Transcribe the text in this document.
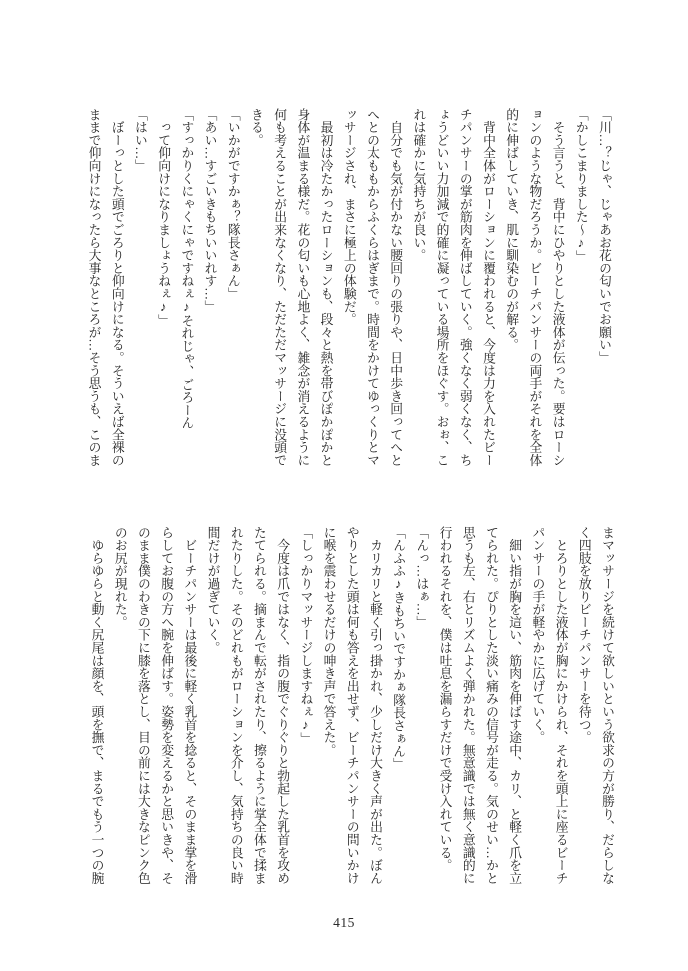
「川…？じゃ、じゃあお花の匂いでお願い」
「かしこまりました～♪」
　そう言うと、背中にひやりとした液体が伝った。要はローシ
ョンのような物だろうか。ビーチパンサーの両手がそれを全体
的に伸ばしていき、肌に馴染むのが解る。
　背中全体がローションに覆われると、今度は力を入れたビー
チパンサーの掌が筋肉を伸ばしていく。強くなく弱くなく、ち
ょうどいい力加減で的確に凝っている場所をほぐす。おぉ、こ
れは確かに気持ちが良い。
　自分でも気が付かない腰回りの張りや、日中歩き回ってへと
へとの太ももからふくらはぎまで。時間をかけてゆっくりとマ
ッサージされ、まさに極上の体験だ。
　最初は冷たかったローションも、段々と熱を帯びぽかぽかと
身体が温まる様だ。花の匂いも心地よく、雑念が消えるように
何も考えることが出来なくなり、ただただマッサージに没頭で
きる。
「いかがですかぁ？隊長さぁん」
「あい…すごいきもちいいれす…」
「すっかりくにゃくにゃですねぇ♪それじゃ、ごろーん
　って仰向けになりましょうねぇ♪」
「はい…」
　ぼーっとした頭でごろりと仰向けになる。そういえば全裸の
ままで仰向けになったら大事なところが…そう思うも、このま
まマッサージを続けて欲しいという欲求の方が勝り、だらしな
く四肢を放りビーチパンサーを待つ。
　とろりとした液体が胸にかけられ、それを頭上に座るビーチ
パンサーの手が軽やかに広げていく。
　細い指が胸を這い、筋肉を伸ばす途中、カリ、と軽く爪を立
てられた。ぴりとした淡い痛みの信号が走る。気のせい…かと
思うも左、右とリズムよく弾かれた。無意識では無く意識的に
行われるそれを、僕は吐息を漏らすだけで受け入れている。
「んっ…はぁ…」
「んふふ♪きもちいですかぁ隊長さぁん」
　カリカリと軽く引っ掛かれ、少しだけ大きく声が出た。ぼん
やりとした頭は何も答えを出せず、ビーチパンサーの問いかけ
に喉を震わせるだけの呻き声で答えた。
「しっかりマッサージしますねぇ♪」
　今度は爪ではなく、指の腹でぐりぐりと勃起した乳首を攻め
たてられる。摘まんで転がされたり、擦るように掌全体で揉ま
れたりした。そのどれもがローションを介し、気持ちの良い時
間だけが過ぎていく。
　ビーチパンサーは最後に軽く乳首を捻ると、そのまま掌を滑
らしてお腹の方へ腕を伸ばす。姿勢を変えるかと思いきや、そ
のまま僕のわきの下に膝を落とし、目の前には大きなピンク色
のお尻が現れた。
　ゆらゆらと動く尻尾は顔を、頭を撫で、まるでもう一つの腕
415
